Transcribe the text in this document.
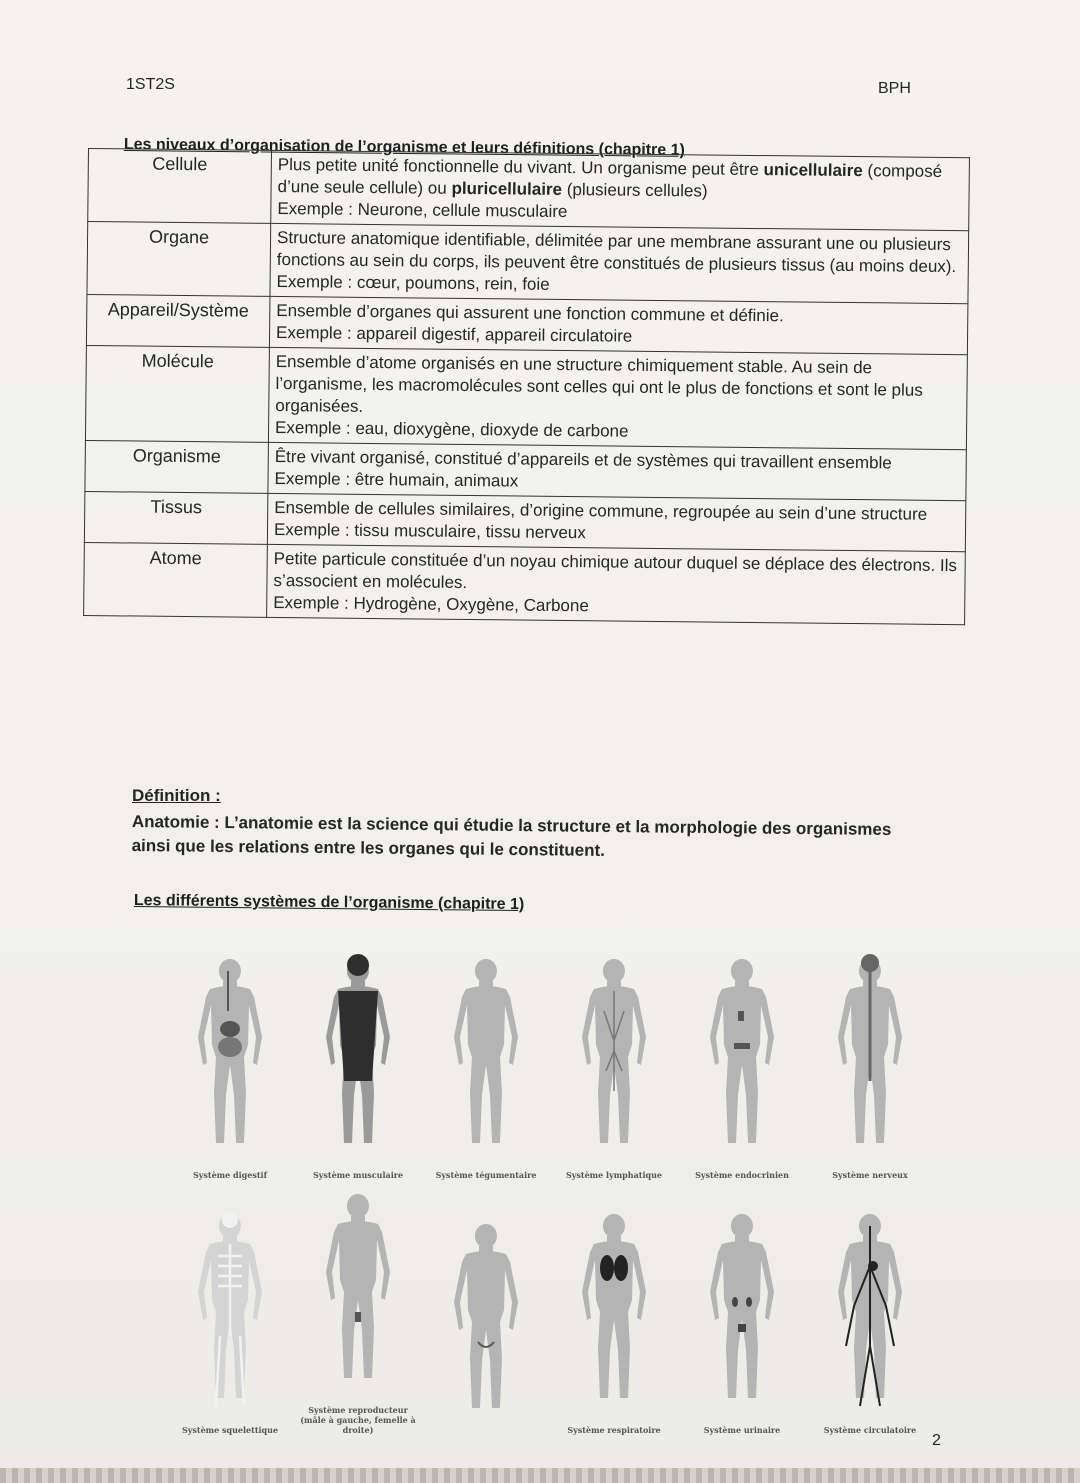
1ST2S	BPH
Les niveaux d’organisation de l’organisme et leurs définitions (chapitre 1)
Cellule	Plus petite unité fonctionnelle du vivant. Un organisme peut être unicellulaire (composé d’une seule cellule) ou pluricellulaire (plusieurs cellules)
Exemple : Neurone, cellule musculaire
Organe	Structure anatomique identifiable, délimitée par une membrane assurant une ou plusieurs fonctions au sein du corps, ils peuvent être constitués de plusieurs tissus (au moins deux).
Exemple : cœur, poumons, rein, foie
Appareil/Système	Ensemble d’organes qui assurent une fonction commune et définie.
Exemple : appareil digestif, appareil circulatoire
Molécule	Ensemble d’atome organisés en une structure chimiquement stable. Au sein de l’organisme, les macromolécules sont celles qui ont le plus de fonctions et sont le plus organisées.
Exemple : eau, dioxygène, dioxyde de carbone
Organisme	Être vivant organisé, constitué d’appareils et de systèmes qui travaillent ensemble
Exemple : être humain, animaux
Tissus	Ensemble de cellules similaires, d’origine commune, regroupée au sein d’une structure
Exemple : tissu musculaire, tissu nerveux
Atome	Petite particule constituée d’un noyau chimique autour duquel se déplace des électrons. Ils s’associent en molécules.
Exemple : Hydrogène, Oxygène, Carbone
Définition :
Anatomie : L’anatomie est la science qui étudie la structure et la morphologie des organismes ainsi que les relations entre les organes qui le constituent.
Les différents systèmes de l’organisme (chapitre 1)
Système digestif	Système musculaire	Système tégumentaire	Système lymphatique	Système endocrinien	Système nerveux
Système squelettique
Système reproducteur
(mâle à gauche, femelle à droite)	Système respiratoire	Système urinaire	Système circulatoire
2
